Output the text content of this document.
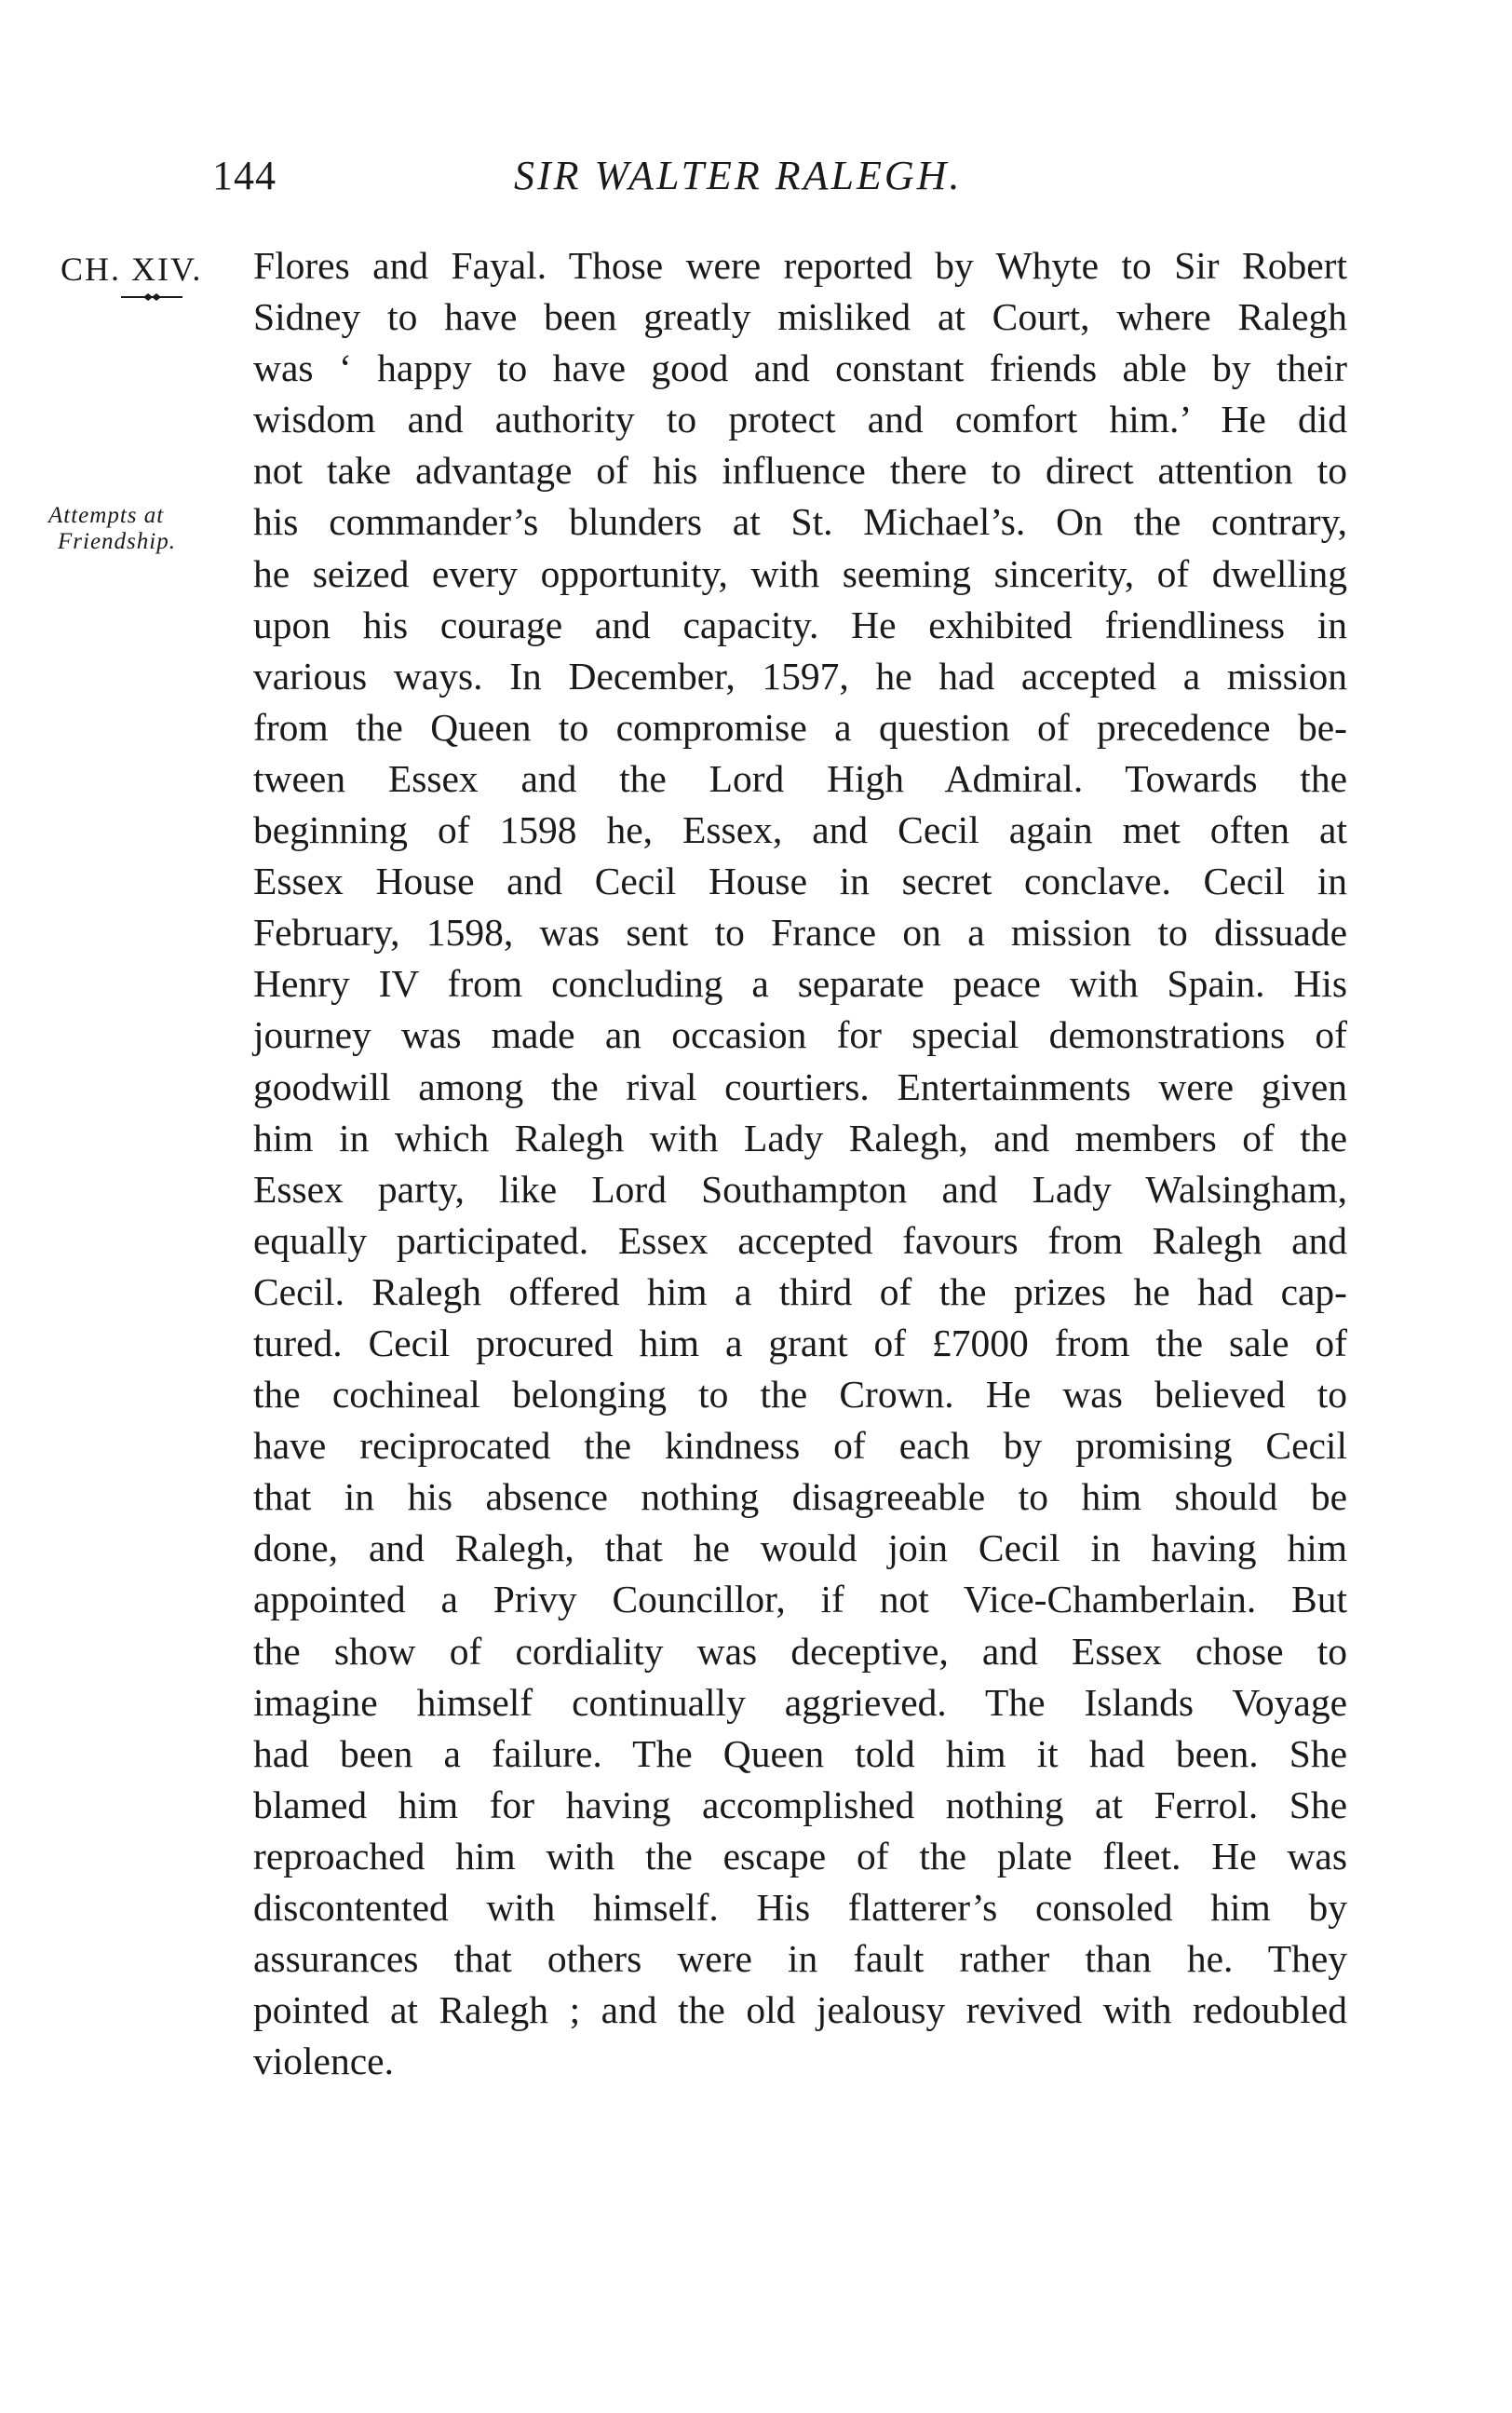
144	SIR WALTER RALEGH.
CH. XIV.
Attempts at
Friendship.
Flores and Fayal. Those were reported by Whyte to Sir Robert
Sidney to have been greatly misliked at Court, where Ralegh
was ‘ happy to have good and constant friends able by their
wisdom and authority to protect and comfort him.’ He did
not take advantage of his influence there to direct attention to
his commander’s blunders at St. Michael’s. On the contrary,
he seized every opportunity, with seeming sincerity, of dwelling
upon his courage and capacity. He exhibited friendliness in
various ways. In December, 1597, he had accepted a mission
from the Queen to compromise a question of precedence be-
tween Essex and the Lord High Admiral. Towards the
beginning of 1598 he, Essex, and Cecil again met often at
Essex House and Cecil House in secret conclave. Cecil in
February, 1598, was sent to France on a mission to dissuade
Henry IV from concluding a separate peace with Spain. His
journey was made an occasion for special demonstrations of
goodwill among the rival courtiers. Entertainments were given
him in which Ralegh with Lady Ralegh, and members of the
Essex party, like Lord Southampton and Lady Walsingham,
equally participated. Essex accepted favours from Ralegh and
Cecil. Ralegh offered him a third of the prizes he had cap-
tured. Cecil procured him a grant of £7000 from the sale of
the cochineal belonging to the Crown. He was believed to
have reciprocated the kindness of each by promising Cecil
that in his absence nothing disagreeable to him should be
done, and Ralegh, that he would join Cecil in having him
appointed a Privy Councillor, if not Vice-Chamberlain. But
the show of cordiality was deceptive, and Essex chose to
imagine himself continually aggrieved. The Islands Voyage
had been a failure. The Queen told him it had been. She
blamed him for having accomplished nothing at Ferrol. She
reproached him with the escape of the plate fleet. He was
discontented with himself. His flatterer’s consoled him by
assurances that others were in fault rather than he. They
pointed at Ralegh ; and the old jealousy revived with redoubled
violence.
